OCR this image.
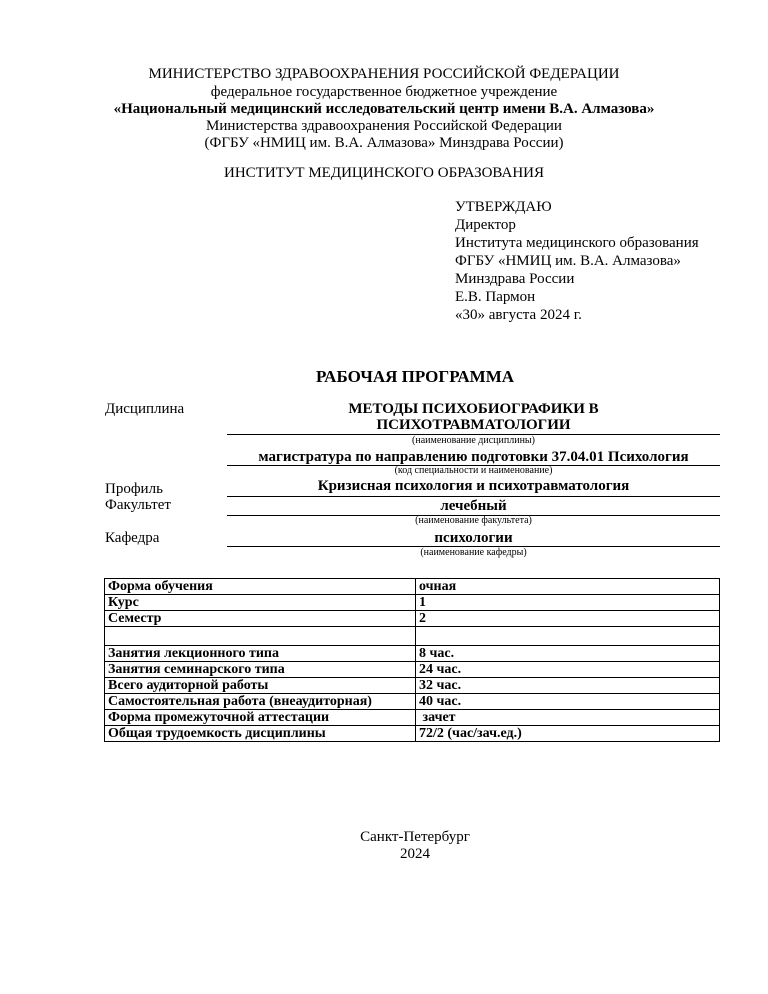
МИНИСТЕРСТВО ЗДРАВООХРАНЕНИЯ РОССИЙСКОЙ ФЕДЕРАЦИИ
федеральное государственное бюджетное учреждение
«Национальный медицинский исследовательский центр имени В.А. Алмазова»
Министерства здравоохранения Российской Федерации
(ФГБУ «НМИЦ им. В.А. Алмазова» Минздрава России)
ИНСТИТУТ МЕДИЦИНСКОГО ОБРАЗОВАНИЯ
УТВЕРЖДАЮ
Директор
Института медицинского образования
ФГБУ «НМИЦ им. В.А. Алмазова»
Минздрава России
Е.В. Пармон
«30» августа 2024 г.
РАБОЧАЯ ПРОГРАММА
Дисциплина	МЕТОДЫ ПСИХОБИОГРАФИКИ В
ПСИХОТРАВМАТОЛОГИИ
(наименование дисциплины)
магистратура по направлению подготовки 37.04.01 Психология
(код специальности и наименование)
Профиль	Кризисная психология и психотравматология
Факультет	лечебный
(наименование факультета)
Кафедра	психологии
(наименование кафедры)
Форма обучения	очная
Курс	1
Семестр	2

Занятия лекционного типа	8 час.
Занятия семинарского типа	24 час.
Всего аудиторной работы	32 час.
Самостоятельная работа (внеаудиторная)	40 час.
Форма промежуточной аттестации	зачет
Общая трудоемкость дисциплины	72/2 (час/зач.ед.)
Санкт-Петербург
2024
